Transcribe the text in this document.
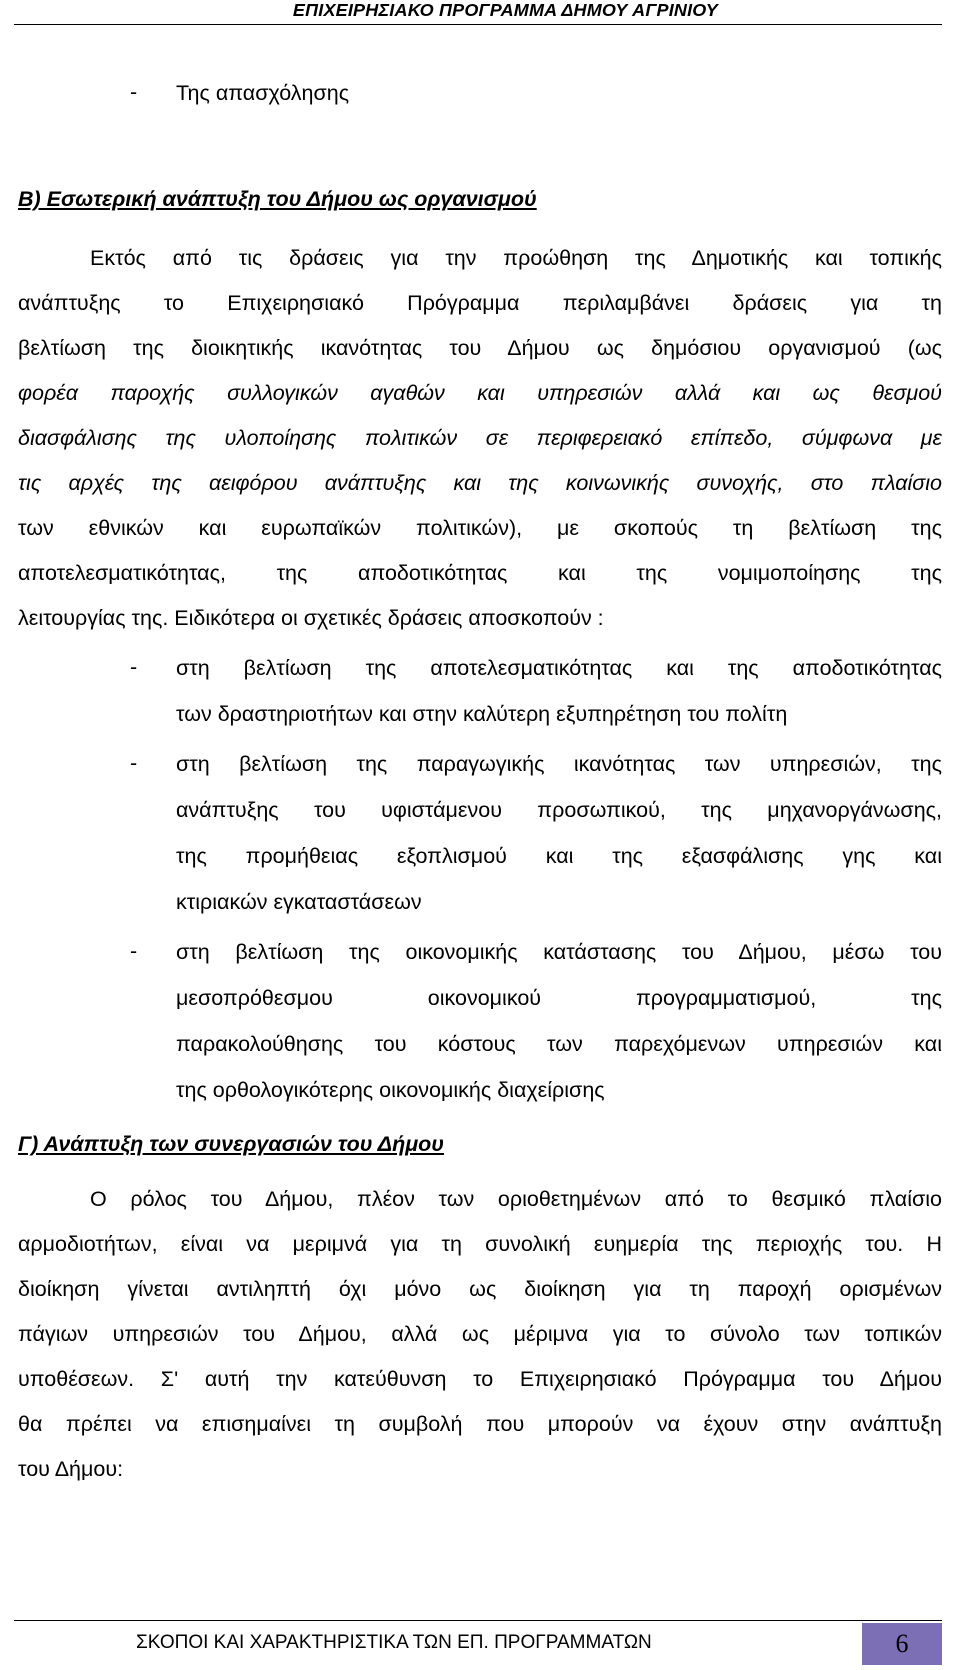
ΕΠΙΧΕΙΡΗΣΙΑΚΟ ΠΡΟΓΡΑΜΜΑ ΔΗΜΟΥ ΑΓΡΙΝΙΟΥ
- Της απασχόλησης
Β) Εσωτερική ανάπτυξη του Δήμου ως οργανισμού
Εκτός από τις δράσεις για την προώθηση της Δημοτικής και τοπικής
ανάπτυξης το Επιχειρησιακό Πρόγραμμα περιλαμβάνει δράσεις για τη
βελτίωση της διοικητικής ικανότητας του Δήμου ως δημόσιου οργανισμού (ως
φορέα παροχής συλλογικών αγαθών και υπηρεσιών αλλά και ως θεσμού
διασφάλισης της υλοποίησης πολιτικών σε περιφερειακό επίπεδο, σύμφωνα με
τις αρχές της αειφόρου ανάπτυξης και της κοινωνικής συνοχής, στο πλαίσιο
των εθνικών και ευρωπαϊκών πολιτικών), με σκοπούς τη βελτίωση της
αποτελεσματικότητας, της αποδοτικότητας και της νομιμοποίησης της
λειτουργίας της. Ειδικότερα οι σχετικές δράσεις αποσκοπούν :
- στη βελτίωση της αποτελεσματικότητας και της αποδοτικότητας
των δραστηριοτήτων και στην καλύτερη εξυπηρέτηση του πολίτη
- στη βελτίωση της παραγωγικής ικανότητας των υπηρεσιών, της
ανάπτυξης του υφιστάμενου προσωπικού, της μηχανοργάνωσης,
της προμήθειας εξοπλισμού και της εξασφάλισης γης και
κτιριακών εγκαταστάσεων
- στη βελτίωση της οικονομικής κατάστασης του Δήμου, μέσω του
μεσοπρόθεσμου οικονομικού προγραμματισμού, της
παρακολούθησης του κόστους των παρεχόμενων υπηρεσιών και
της ορθολογικότερης οικονομικής διαχείρισης
Γ) Ανάπτυξη των συνεργασιών του Δήμου
Ο ρόλος του Δήμου, πλέον των οριοθετημένων από το θεσμικό πλαίσιο
αρμοδιοτήτων, είναι να μεριμνά για τη συνολική ευημερία της περιοχής του. Η
διοίκηση γίνεται αντιληπτή όχι μόνο ως διοίκηση για τη παροχή ορισμένων
πάγιων υπηρεσιών του Δήμου, αλλά ως μέριμνα για το σύνολο των τοπικών
υποθέσεων. Σ' αυτή την κατεύθυνση το Επιχειρησιακό Πρόγραμμα του Δήμου
θα πρέπει να επισημαίνει τη συμβολή που μπορούν να έχουν στην ανάπτυξη
του Δήμου:
ΣΚΟΠΟΙ ΚΑΙ ΧΑΡΑΚΤΗΡΙΣΤΙΚΑ ΤΩΝ ΕΠ. ΠΡΟΓΡΑΜΜΑΤΩΝ	6
